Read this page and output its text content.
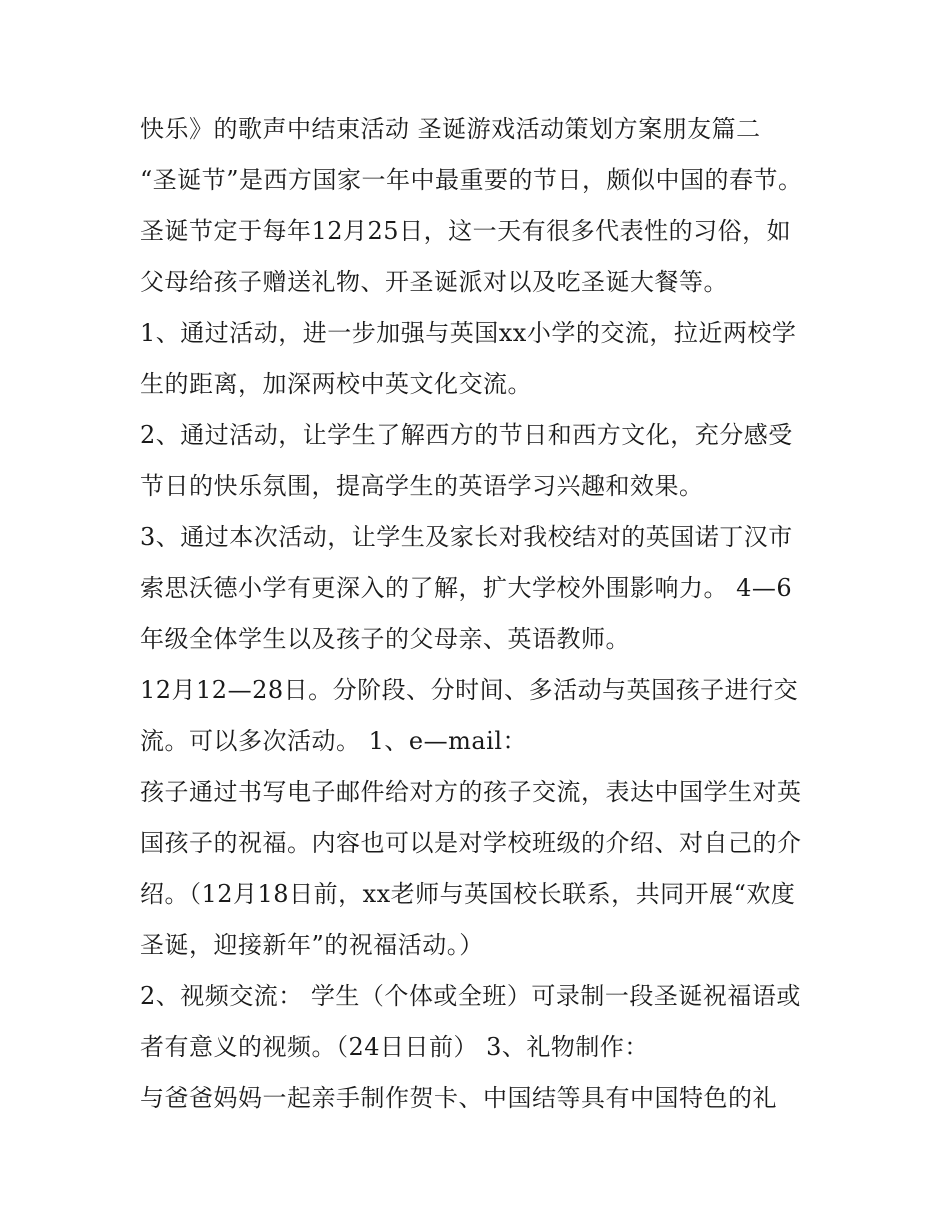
快乐》的歌声中结束活动 圣诞游戏活动策划方案朋友篇二

“圣诞节”是西方国家一年中最重要的节日，颇似中国的春节。

圣诞节定于每年12月25日，这一天有很多代表性的习俗，如

父母给孩子赠送礼物、开圣诞派对以及吃圣诞大餐等。

1、通过活动，进一步加强与英国xx小学的交流，拉近两校学

生的距离，加深两校中英文化交流。

2、通过活动，让学生了解西方的节日和西方文化，充分感受

节日的快乐氛围，提高学生的英语学习兴趣和效果。

3、通过本次活动，让学生及家长对我校结对的英国诺丁汉市

索思沃德小学有更深入的了解，扩大学校外围影响力。 4—6

年级全体学生以及孩子的父母亲、英语教师。

12月12—28日。分阶段、分时间、多活动与英国孩子进行交

流。可以多次活动。 1、e—mail：

孩子通过书写电子邮件给对方的孩子交流，表达中国学生对英

国孩子的祝福。内容也可以是对学校班级的介绍、对自己的介

绍。（12月18日前，xx老师与英国校长联系，共同开展“欢度

圣诞，迎接新年”的祝福活动。）

2、视频交流： 学生（个体或全班）可录制一段圣诞祝福语或

者有意义的视频。（24日日前） 3、礼物制作：

与爸爸妈妈一起亲手制作贺卡、中国结等具有中国特色的礼
